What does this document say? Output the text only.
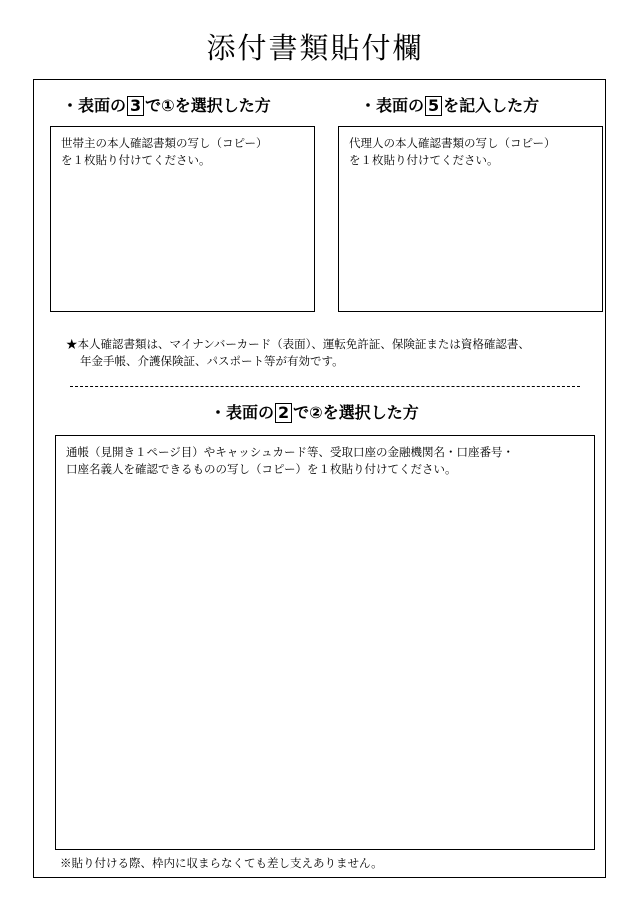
添付書類貼付欄
・表面の 3 で①を選択した方	・表面の 5 を記入した方
世帯主の本人確認書類の写し（コピー）
を１枚貼り付けてください。
代理人の本人確認書類の写し（コピー）
を１枚貼り付けてください。
★本人確認書類は、マイナンバーカード（表面）、運転免許証、保険証または資格確認書、
年金手帳、介護保険証、パスポート等が有効です。
・表面の 2 で②を選択した方
通帳（見開き１ページ目）やキャッシュカード等、受取口座の金融機関名・口座番号・
口座名義人を確認できるものの写し（コピー）を１枚貼り付けてください。
※貼り付ける際、枠内に収まらなくても差し支えありません。
